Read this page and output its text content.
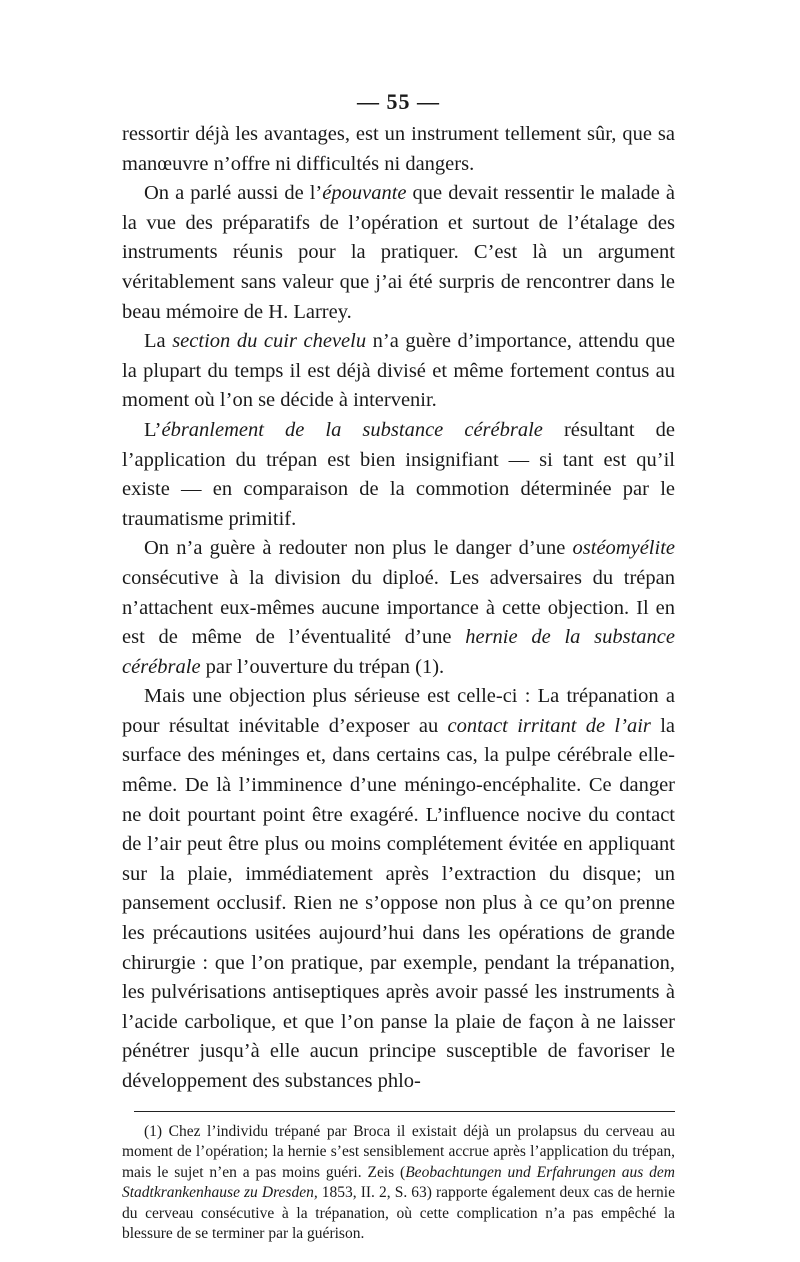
— 55 —

ressortir déjà les avantages, est un instrument tellement sûr, que sa manœuvre n’offre ni difficultés ni dangers.

On a parlé aussi de l’épouvante que devait ressentir le malade à la vue des préparatifs de l’opération et surtout de l’étalage des instruments réunis pour la pratiquer. C’est là un argument véritablement sans valeur que j’ai été surpris de rencontrer dans le beau mémoire de H. Larrey.

La section du cuir chevelu n’a guère d’importance, attendu que la plupart du temps il est déjà divisé et même fortement contus au moment où l’on se décide à intervenir.

L’ébranlement de la substance cérébrale résultant de l’application du trépan est bien insignifiant — si tant est qu’il existe — en comparaison de la commotion déterminée par le traumatisme primitif.

On n’a guère à redouter non plus le danger d’une ostéomyélite consécutive à la division du diploé. Les adversaires du trépan n’attachent eux-mêmes aucune importance à cette objection. Il en est de même de l’éventualité d’une hernie de la substance cérébrale par l’ouverture du trépan (1).

Mais une objection plus sérieuse est celle-ci : La trépanation a pour résultat inévitable d’exposer au contact irritant de l’air la surface des méninges et, dans certains cas, la pulpe cérébrale elle-même. De là l’imminence d’une méningo-encéphalite. Ce danger ne doit pourtant point être exagéré. L’influence nocive du contact de l’air peut être plus ou moins complétement évitée en appliquant sur la plaie, immédiatement après l’extraction du disque; un pansement occlusif. Rien ne s’oppose non plus à ce qu’on prenne les précautions usitées aujourd’hui dans les opérations de grande chirurgie : que l’on pratique, par exemple, pendant la trépanation, les pulvérisations antiseptiques après avoir passé les instruments à l’acide carbolique, et que l’on panse la plaie de façon à ne laisser pénétrer jusqu’à elle aucun principe susceptible de favoriser le développement des substances phlo-

(1) Chez l’individu trépané par Broca il existait déjà un prolapsus du cerveau au moment de l’opération; la hernie s’est sensiblement accrue après l’application du trépan, mais le sujet n’en a pas moins guéri. Zeis (Beobachtungen und Erfahrungen aus dem Stadtkrankenhause zu Dresden, 1853, II. 2, S. 63) rapporte également deux cas de hernie du cerveau consécutive à la trépanation, où cette complication n’a pas empêché la blessure de se terminer par la guérison.
